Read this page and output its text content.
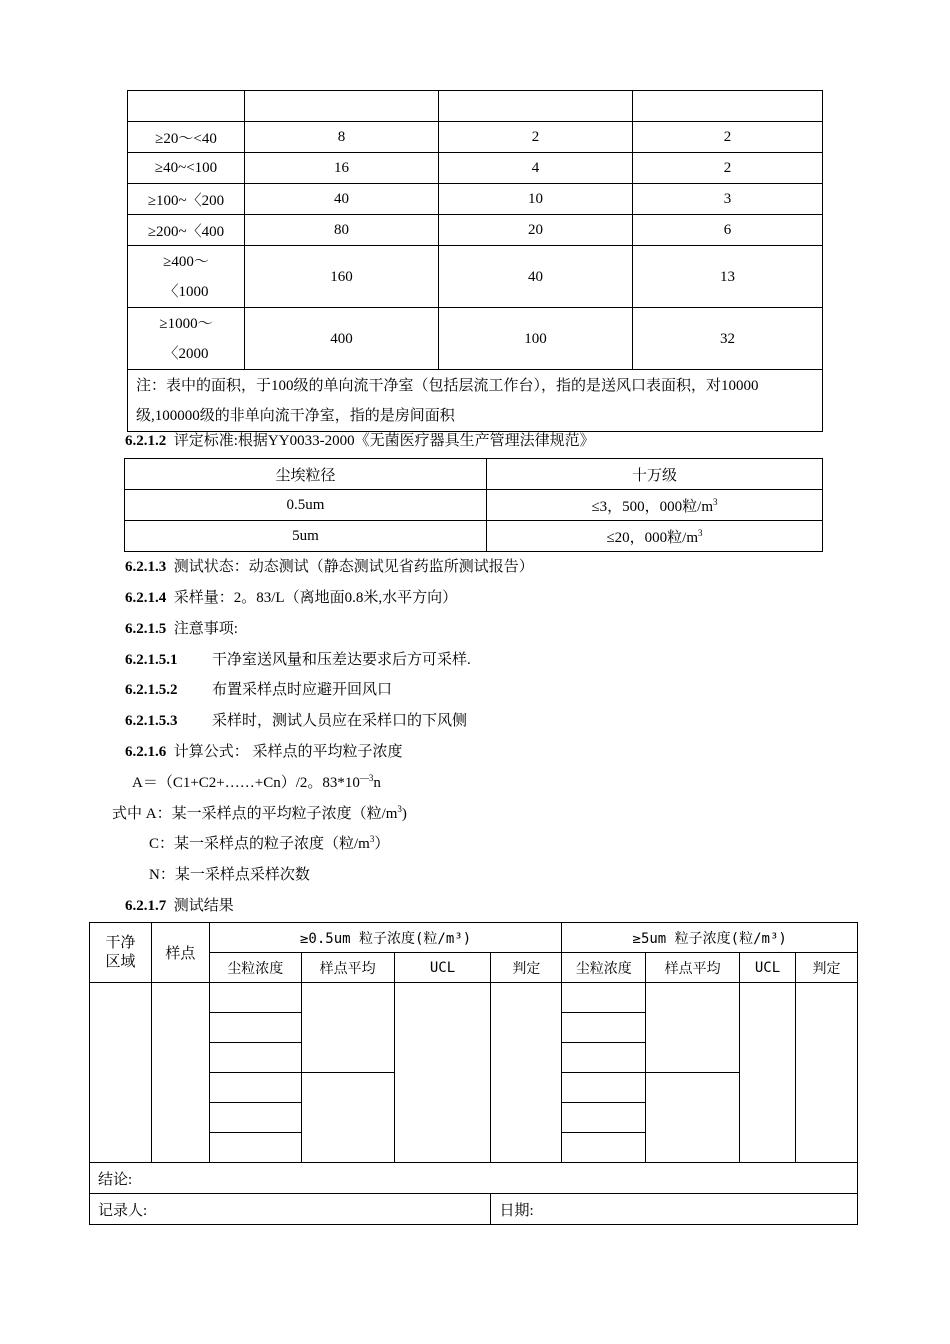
≥20～<40	8	2	2
≥40~<100	16	4	2
≥100~〈200	40	10	3
≥200~〈400	80	20	6

≥400～
〈1000	160	40	13

≥1000～
〈2000	400	100	32
注：表中的面积，于100级的单向流干净室（包括层流工作台），指的是送风口表面积，对10000级,100000级的非单向流干净室，指的是房间面积			
6.2.1.2 评定标准:根据YY0033-2000《无菌医疗器具生产管理法律规范》
尘埃粒径	十万级
0.5um	≤3，500，000粒$/m^3$
5um	≤20，000粒$/m^3$
6.2.1.3 测试状态：动态测试（静态测试见省药监所测试报告）
6.2.1.4 采样量：2。83/L（离地面0.8米,水平方向）
6.2.1.5 注意事项:
6.2.1.5.1 干净室送风量和压差达要求后方可采样.
6.2.1.5.2 布置采样点时应避开回风口
6.2.1.5.3 采样时，测试人员应在采样口的下风侧
6.2.1.6 计算公式： 采样点的平均粒子浓度
A＝（C1+C2+……+Cn）/2。$83*10^{—3}n$
式中 A：某一采样点的平均粒子浓度（粒$/m^3$)
C：某一采样点的粒子浓度（粒$/m^3$）
N：某一采样点采样次数
6.2.1.7 测试结果
干净
区域	样点	≥0.5um 粒子浓度(粒/m³)				≥5um 粒子浓度(粒/m³)			
		尘粒浓度	样点平均	UCL	判定	尘粒浓度	样点平均	UCL	判定

结论:									
记录人:					日期:				
